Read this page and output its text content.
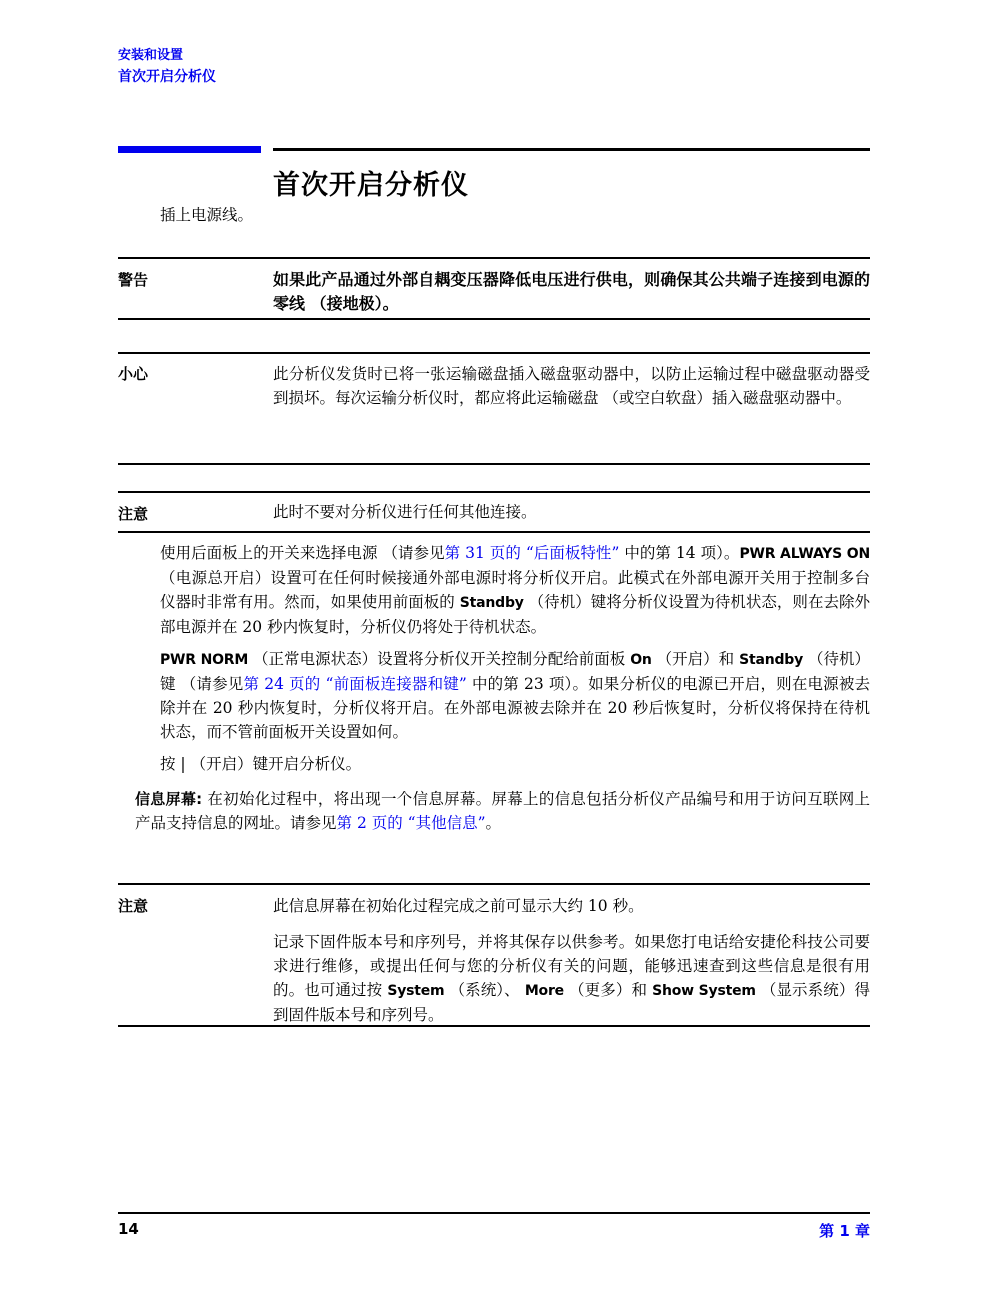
安装和设置
首次开启分析仪
首次开启分析仪

插上电源线。

警告	如果此产品通过外部自耦变压器降低电压进行供电，则确保其公共端子连接到电源的零线 （接地极）。

小心	此分析仪发货时已将一张运输磁盘插入磁盘驱动器中，以防止运输过程中磁盘驱动器受到损坏。每次运输分析仪时，都应将此运输磁盘 （或空白软盘）插入磁盘驱动器中。

注意	此时不要对分析仪进行任何其他连接。

使用后面板上的开关来选择电源 （请参见第 31 页的 “后面板特性” 中的第 14 项）。PWR ALWAYS ON （电源总开启）设置可在任何时候接通外部电源时将分析仪开启。此模式在外部电源开关用于控制多台仪器时非常有用。然而，如果使用前面板的 Standby （待机）键将分析仪设置为待机状态，则在去除外部电源并在 20 秒内恢复时，分析仪仍将处于待机状态。

PWR NORM （正常电源状态）设置将分析仪开关控制分配给前面板 On （开启）和 Standby （待机）键 （请参见第 24 页的 “前面板连接器和键” 中的第 23 项）。如果分析仪的电源已开启，则在电源被去除并在 20 秒内恢复时，分析仪将开启。在外部电源被去除并在 20 秒后恢复时，分析仪将保持在待机状态，而不管前面板开关设置如何。

按 | （开启）键开启分析仪。

信息屏幕: 在初始化过程中，将出现一个信息屏幕。屏幕上的信息包括分析仪产品编号和用于访问互联网上产品支持信息的网址。请参见第 2 页的 “其他信息”。

注意	此信息屏幕在初始化过程完成之前可显示大约 10 秒。

记录下固件版本号和序列号，并将其保存以供参考。如果您打电话给安捷伦科技公司要求进行维修，或提出任何与您的分析仪有关的问题，能够迅速查到这些信息是很有用的。也可通过按 System （系统）、 More （更多）和 Show System （显示系统）得到固件版本号和序列号。

14	第 1 章
